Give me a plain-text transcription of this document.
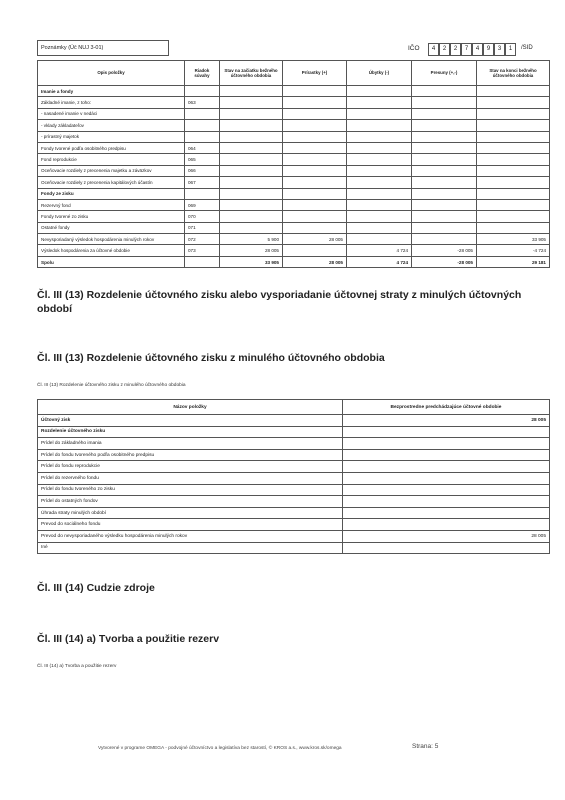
Poznámky (Úč NUJ 3-01)	IČO	4	2	2	7	4	9	3	1	/SID
Opis položky	Riadok súvahy	Stav na začiatku bežného účtovného obdobia	Prírastky (+)	Úbytky (-)	Presuny (+,-)	Stav na konci bežného účtovného obdobia
Imanie a fondy						
Základné imanie, z toho:	063					
- nasadené imanie v nedáci						
- vklady základateľov						
- prírastný majetok						
Fondy tvorené podľa osobitného predpisu	064					
Fond reprodukcie	065					
Oceňovacie rozdiely z precenenia majetku a záväzkov	066					
Oceňovacie rozdiely z precenenia kapitálových účastín	067					
Fondy ze zisku						
Rezervný fond	069					
Fondy tvorené zo zisku	070					
Ostatné fondy	071					
Nevysporiadaný výsledok hospodárenia minulých rokov	072	5 900	28 005			33 905
Výsledok hospodárenia za účtovné obdobie	073	28 005		4 724	-28 005	-4 724
Spolu		33 905	28 005	4 724	-28 005	29 181
Čl. III (13) Rozdelenie účtovného zisku alebo vysporiadanie účtovnej straty z minulých účtovných období
Čl. III (13) Rozdelenie účtovného zisku z minulého účtovného obdobia
Čl. III (13) Rozdelenie účtovného zisku z minulého účtovného obdobia
Názov položky	Bezprostredne predchádzajúce účtovné obdobie
Účtovný zisk	28 005
Rozdelenie účtovného zisku	
Prídel do základného imania	
Prídel do fondu tvoreného podľa osobitného predpisu	
Prídel do fondu reprodukcie	
Prídel do rezervného fondu	
Prídel do fondu tvoreného zo zisku	
Prídel do ostatných fondov	
Úhrada straty minulých období	
Prevod do sociálneho fondu	
Prevod do nevysporiadaného výsledku hospodárenia minulých rokov	28 005
Iné	
Čl. III (14) Cudzie zdroje
Čl. III (14) a) Tvorba a použitie rezerv
Čl. III (14) a) Tvorba a použitie rezerv
Vytvorené v programe OMEGA - podvojné účtovníctvo a legislatíva bez starostí, © KROS a.s., www.kros.sk/omega	Strana: 5
